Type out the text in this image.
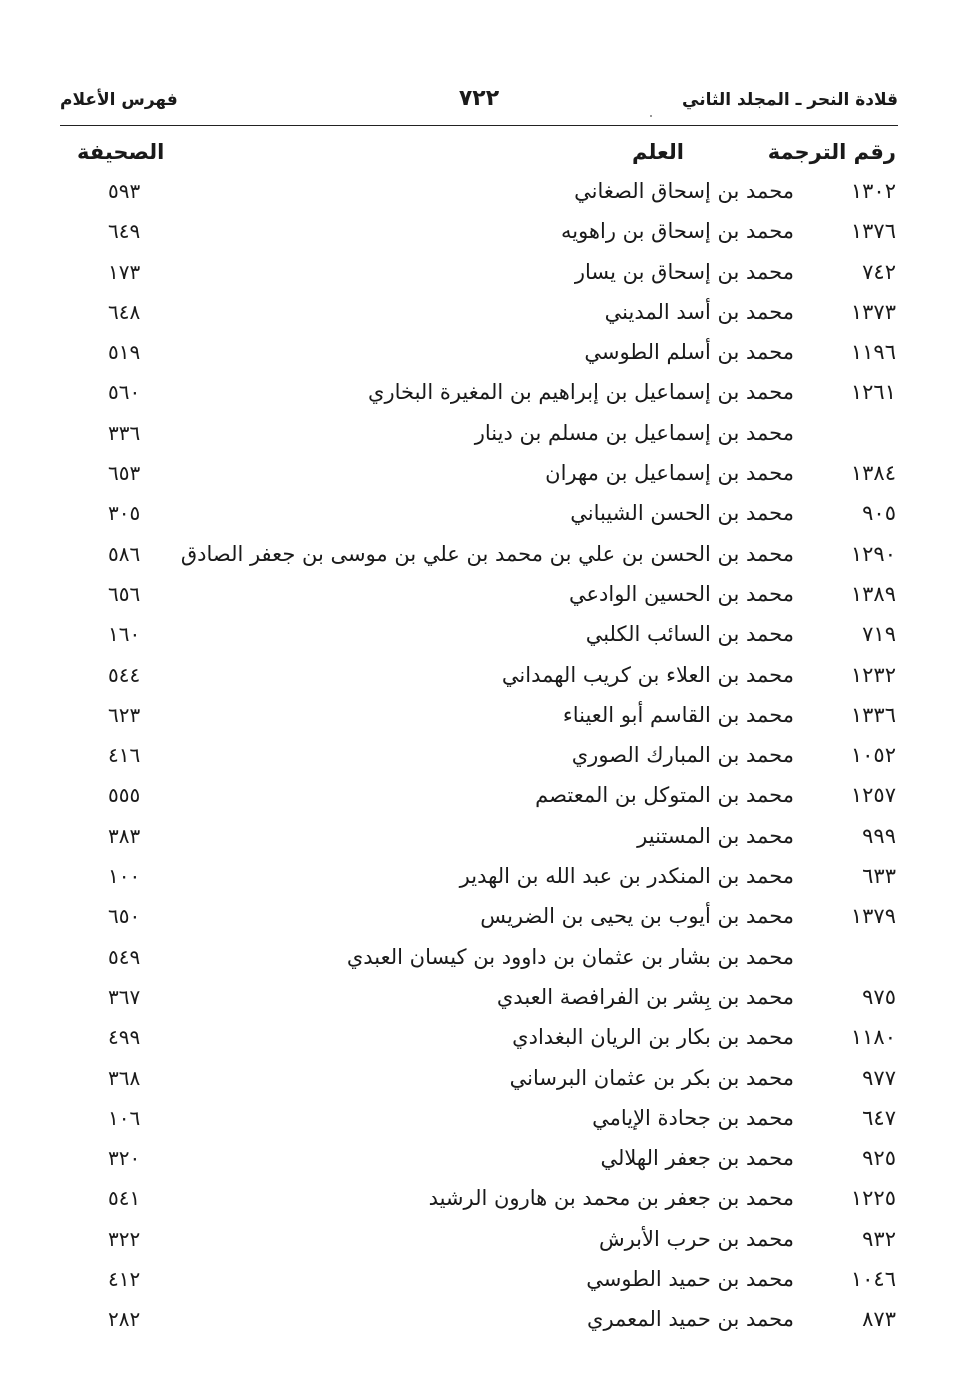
قلادة النحر ـ المجلد الثاني
٧٢٢
فهرس الأعلام
رقم الترجمة
العلم
الصحيفة
١٣٠٢
محمد بن إسحاق الصغاني
٥٩٣
١٣٧٦
محمد بن إسحاق بن راهويه
٦٤٩
٧٤٢
محمد بن إسحاق بن يسار
١٧٣
١٣٧٣
محمد بن أسد المديني
٦٤٨
١١٩٦
محمد بن أسلم الطوسي
٥١٩
١٢٦١
محمد بن إسماعيل بن إبراهيم بن المغيرة البخاري
٥٦٠
محمد بن إسماعيل بن مسلم بن دينار
٣٣٦
١٣٨٤
محمد بن إسماعيل بن مهران
٦٥٣
٩٠٥
محمد بن الحسن الشيباني
٣٠٥
١٢٩٠
محمد بن الحسن بن علي بن محمد بن علي بن موسى بن جعفر الصادق
٥٨٦
١٣٨٩
محمد بن الحسين الوادعي
٦٥٦
٧١٩
محمد بن السائب الكلبي
١٦٠
١٢٣٢
محمد بن العلاء بن كريب الهمداني
٥٤٤
١٣٣٦
محمد بن القاسم أبو العيناء
٦٢٣
١٠٥٢
محمد بن المبارك الصوري
٤١٦
١٢٥٧
محمد بن المتوكل بن المعتصم
٥٥٥
٩٩٩
محمد بن المستنير
٣٨٣
٦٣٣
محمد بن المنكدر بن عبد الله بن الهدير
١٠٠
١٣٧٩
محمد بن أيوب بن يحيى بن الضريس
٦٥٠
محمد بن بشار بن عثمان بن داوود بن كيسان العبدي
٥٤٩
٩٧٥
محمد بن بِشر بن الفرافصة العبدي
٣٦٧
١١٨٠
محمد بن بكار بن الريان البغدادي
٤٩٩
٩٧٧
محمد بن بكر بن عثمان البرساني
٣٦٨
٦٤٧
محمد بن جحادة الإيامي
١٠٦
٩٢٥
محمد بن جعفر الهلالي
٣٢٠
١٢٢٥
محمد بن جعفر بن محمد بن هارون الرشيد
٥٤١
٩٣٢
محمد بن حرب الأبرش
٣٢٢
١٠٤٦
محمد بن حميد الطوسي
٤١٢
٨٧٣
محمد بن حميد المعمري
٢٨٢
